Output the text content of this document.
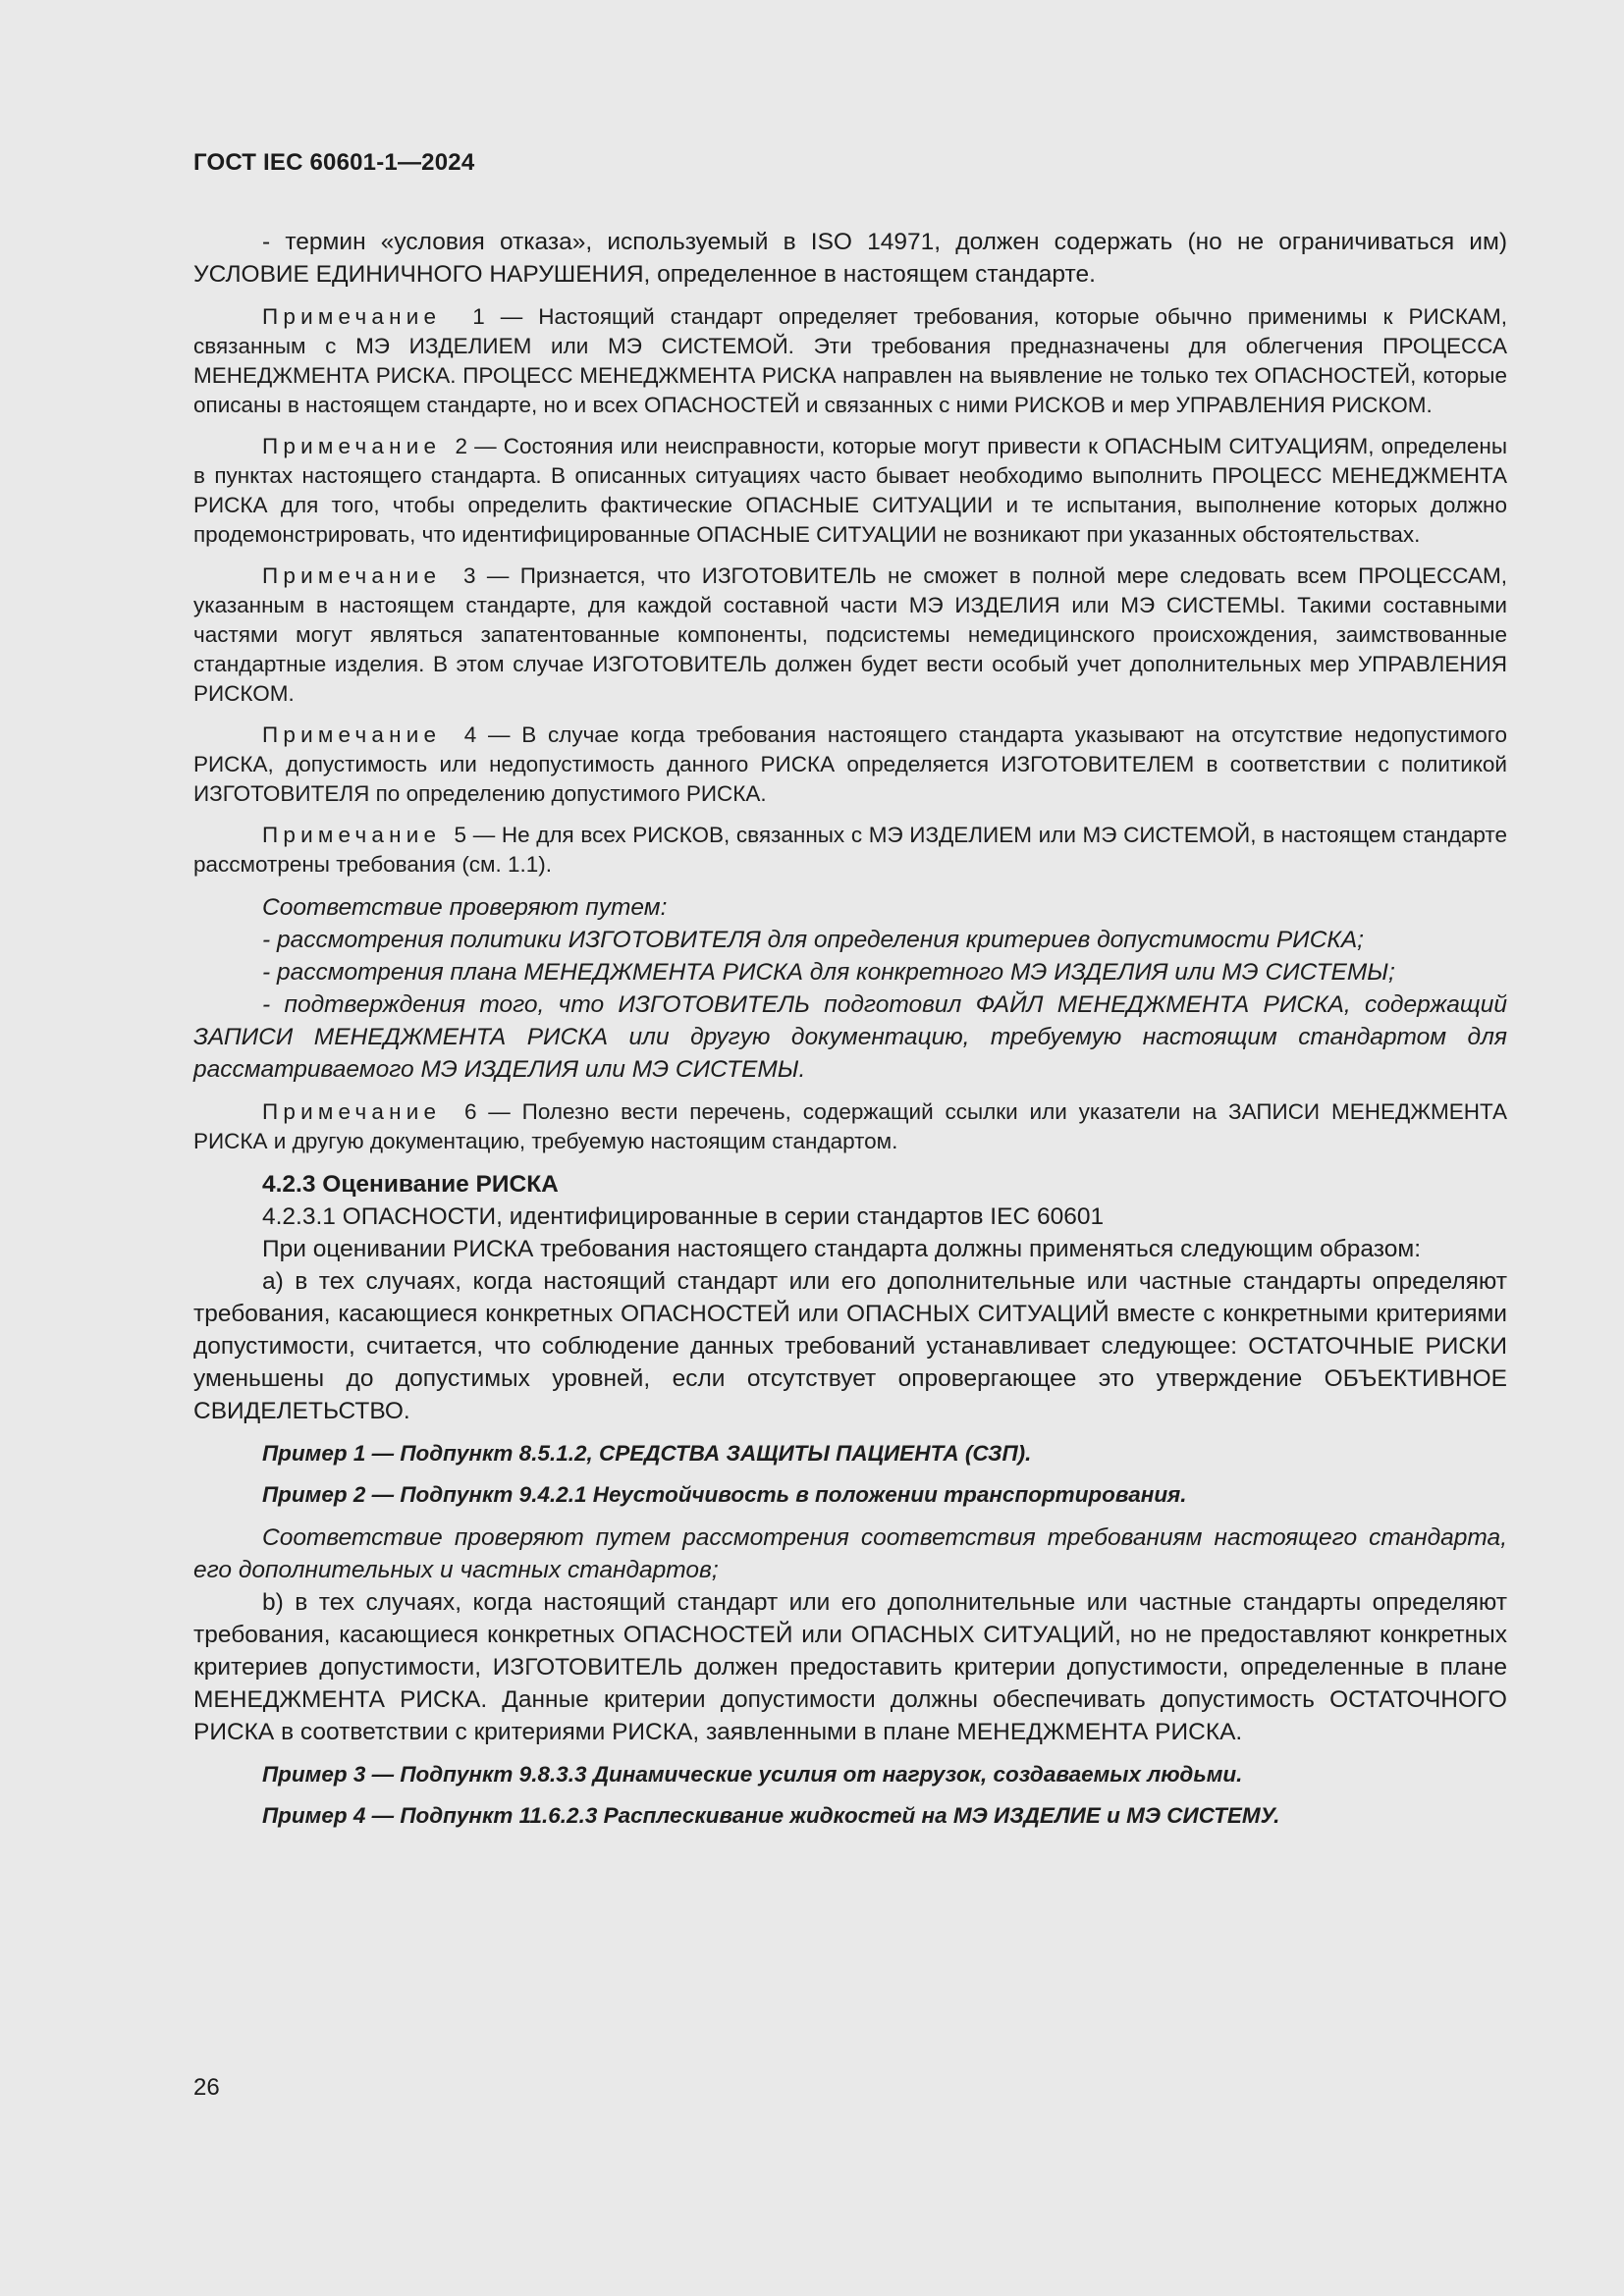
ГОСТ IEC 60601-1—2024

- термин «условия отказа», используемый в ISO 14971, должен содержать (но не ограничиваться им) УСЛОВИЕ ЕДИНИЧНОГО НАРУШЕНИЯ, определенное в настоящем стандарте.

Примечание 1 — Настоящий стандарт определяет требования, которые обычно применимы к РИСКАМ, связанным с МЭ ИЗДЕЛИЕМ или МЭ СИСТЕМОЙ. Эти требования предназначены для облегчения ПРОЦЕССА МЕНЕДЖМЕНТА РИСКА. ПРОЦЕСС МЕНЕДЖМЕНТА РИСКА направлен на выявление не только тех ОПАСНОСТЕЙ, которые описаны в настоящем стандарте, но и всех ОПАСНОСТЕЙ и связанных с ними РИСКОВ и мер УПРАВЛЕНИЯ РИСКОМ.

Примечание 2 — Состояния или неисправности, которые могут привести к ОПАСНЫМ СИТУАЦИЯМ, определены в пунктах настоящего стандарта. В описанных ситуациях часто бывает необходимо выполнить ПРОЦЕСС МЕНЕДЖМЕНТА РИСКА для того, чтобы определить фактические ОПАСНЫЕ СИТУАЦИИ и те испытания, выполнение которых должно продемонстрировать, что идентифицированные ОПАСНЫЕ СИТУАЦИИ не возникают при указанных обстоятельствах.

Примечание 3 — Признается, что ИЗГОТОВИТЕЛЬ не сможет в полной мере следовать всем ПРОЦЕССАМ, указанным в настоящем стандарте, для каждой составной части МЭ ИЗДЕЛИЯ или МЭ СИСТЕМЫ. Такими составными частями могут являться запатентованные компоненты, подсистемы немедицинского происхождения, заимствованные стандартные изделия. В этом случае ИЗГОТОВИТЕЛЬ должен будет вести особый учет дополнительных мер УПРАВЛЕНИЯ РИСКОМ.

Примечание 4 — В случае когда требования настоящего стандарта указывают на отсутствие недопустимого РИСКА, допустимость или недопустимость данного РИСКА определяется ИЗГОТОВИТЕЛЕМ в соответствии с политикой ИЗГОТОВИТЕЛЯ по определению допустимого РИСКА.

Примечание 5 — Не для всех РИСКОВ, связанных с МЭ ИЗДЕЛИЕМ или МЭ СИСТЕМОЙ, в настоящем стандарте рассмотрены требования (см. 1.1).

Соответствие проверяют путем:

- рассмотрения политики ИЗГОТОВИТЕЛЯ для определения критериев допустимости РИСКА;

- рассмотрения плана МЕНЕДЖМЕНТА РИСКА для конкретного МЭ ИЗДЕЛИЯ или МЭ СИСТЕМЫ;

- подтверждения того, что ИЗГОТОВИТЕЛЬ подготовил ФАЙЛ МЕНЕДЖМЕНТА РИСКА, содержащий ЗАПИСИ МЕНЕДЖМЕНТА РИСКА или другую документацию, требуемую настоящим стандартом для рассматриваемого МЭ ИЗДЕЛИЯ или МЭ СИСТЕМЫ.

Примечание 6 — Полезно вести перечень, содержащий ссылки или указатели на ЗАПИСИ МЕНЕДЖМЕНТА РИСКА и другую документацию, требуемую настоящим стандартом.

4.2.3 Оценивание РИСКА

4.2.3.1 ОПАСНОСТИ, идентифицированные в серии стандартов IEC 60601

При оценивании РИСКА требования настоящего стандарта должны применяться следующим образом:

a) в тех случаях, когда настоящий стандарт или его дополнительные или частные стандарты определяют требования, касающиеся конкретных ОПАСНОСТЕЙ или ОПАСНЫХ СИТУАЦИЙ вместе с конкретными критериями допустимости, считается, что соблюдение данных требований устанавливает следующее: ОСТАТОЧНЫЕ РИСКИ уменьшены до допустимых уровней, если отсутствует опровергающее это утверждение ОБЪЕКТИВНОЕ СВИДЕЛЕТЬСТВО.

Пример 1 — Подпункт 8.5.1.2, СРЕДСТВА ЗАЩИТЫ ПАЦИЕНТА (СЗП).

Пример 2 — Подпункт 9.4.2.1 Неустойчивость в положении транспортирования.

Соответствие проверяют путем рассмотрения соответствия требованиям настоящего стандарта, его дополнительных и частных стандартов;

b) в тех случаях, когда настоящий стандарт или его дополнительные или частные стандарты определяют требования, касающиеся конкретных ОПАСНОСТЕЙ или ОПАСНЫХ СИТУАЦИЙ, но не предоставляют конкретных критериев допустимости, ИЗГОТОВИТЕЛЬ должен предоставить критерии допустимости, определенные в плане МЕНЕДЖМЕНТА РИСКА. Данные критерии допустимости должны обеспечивать допустимость ОСТАТОЧНОГО РИСКА в соответствии с критериями РИСКА, заявленными в плане МЕНЕДЖМЕНТА РИСКА.

Пример 3 — Подпункт 9.8.3.3 Динамические усилия от нагрузок, создаваемых людьми.

Пример 4 — Подпункт 11.6.2.3 Расплескивание жидкостей на МЭ ИЗДЕЛИЕ и МЭ СИСТЕМУ.

26
